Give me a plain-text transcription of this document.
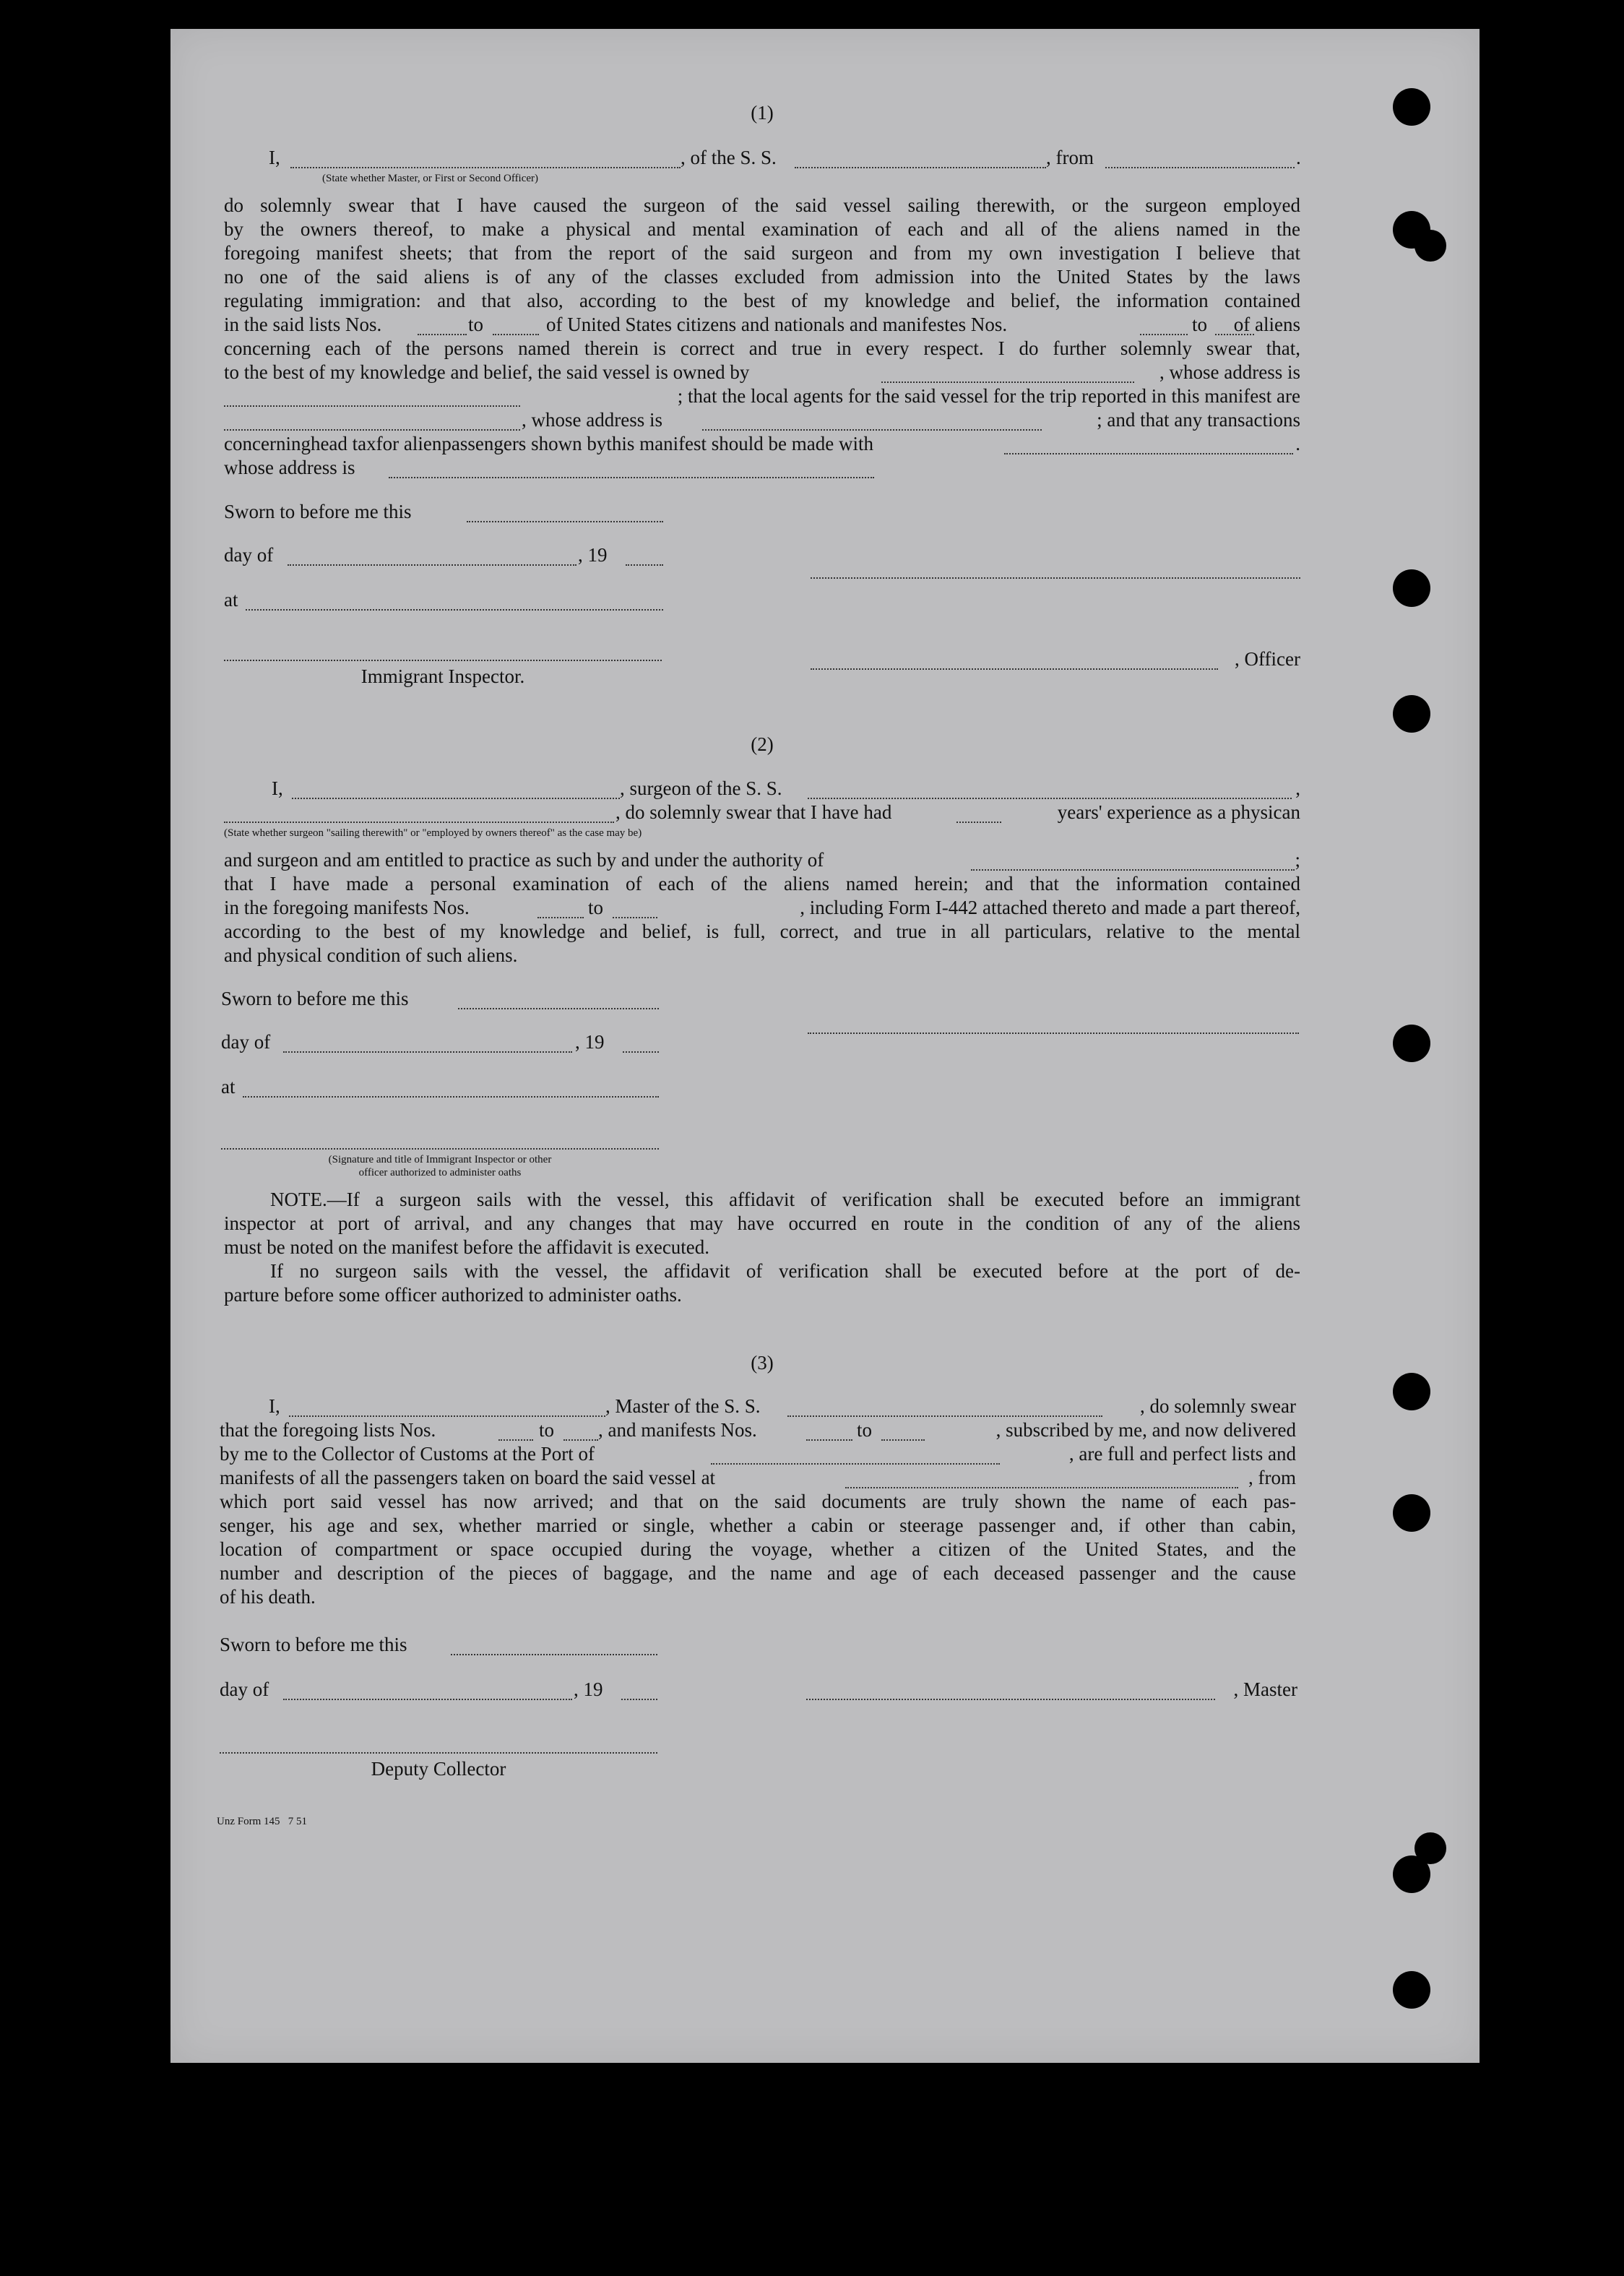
(1)
I,	, of the S. S.	, from	.
(State whether Master, or First or Second Officer)
do solemnly swear that I have caused the surgeon of the said vessel sailing therewith, or the surgeon employed
by the owners thereof, to make a physical and mental examination of each and all of the aliens named in the
foregoing manifest sheets; that from the report of the said surgeon and from my own investigation I believe that
no one of the said aliens is of any of the classes excluded from admission into the United States by the laws
regulating immigration: and that also, according to the best of my knowledge and belief, the information contained
in the said lists Nos.	to	of United States citizens and nationals and manifestes Nos.	to	of aliens
concerning each of the persons named therein is correct and true in every respect. I do further solemnly swear that,
to the best of my knowledge and belief, the said vessel is owned by	, whose address is
; that the local agents for the said vessel for the trip reported in this manifest are
, whose address is	; and that any transactions
concerninghead taxfor alienpassengers shown bythis manifest should be made with	.
whose address is
Sworn to before me this
day of	, 19
at
, Officer
Immigrant Inspector.
(2)
I,	, surgeon of the S. S.	,
, do solemnly swear that I have had	years' experience as a physican
(State whether surgeon "sailing therewith" or "employed by owners thereof" as the case may be)
and surgeon and am entitled to practice as such by and under the authority of	;
that I have made a personal examination of each of the aliens named herein; and that the information contained
in the foregoing manifests Nos.	to	, including Form I-442 attached thereto and made a part thereof,
according to the best of my knowledge and belief, is full, correct, and true in all particulars, relative to the mental
and physical condition of such aliens.
Sworn to before me this
day of	, 19
at
(Signature and title of Immigrant Inspector or other
officer authorized to administer oaths
NOTE.—If a surgeon sails with the vessel, this affidavit of verification shall be executed before an immigrant
inspector at port of arrival, and any changes that may have occurred en route in the condition of any of the aliens
must be noted on the manifest before the affidavit is executed.
If no surgeon sails with the vessel, the affidavit of verification shall be executed before at the port of de-
parture before some officer authorized to administer oaths.
(3)
I,	, Master of the S. S.	, do solemnly swear
that the foregoing lists Nos.	to , and manifests Nos.	to	, subscribed by me, and now delivered
by me to the Collector of Customs at the Port of	, are full and perfect lists and
manifests of all the passengers taken on board the said vessel at	, from
which port said vessel has now arrived; and that on the said documents are truly shown the name of each pas-
senger, his age and sex, whether married or single, whether a cabin or steerage passenger and, if other than cabin,
location of compartment or space occupied during the voyage, whether a citizen of the United States, and the
number and description of the pieces of baggage, and the name and age of each deceased passenger and the cause
of his death.
Sworn to before me this
day of	, 19	, Master
Deputy Collector
Unz Form 145   7 51
